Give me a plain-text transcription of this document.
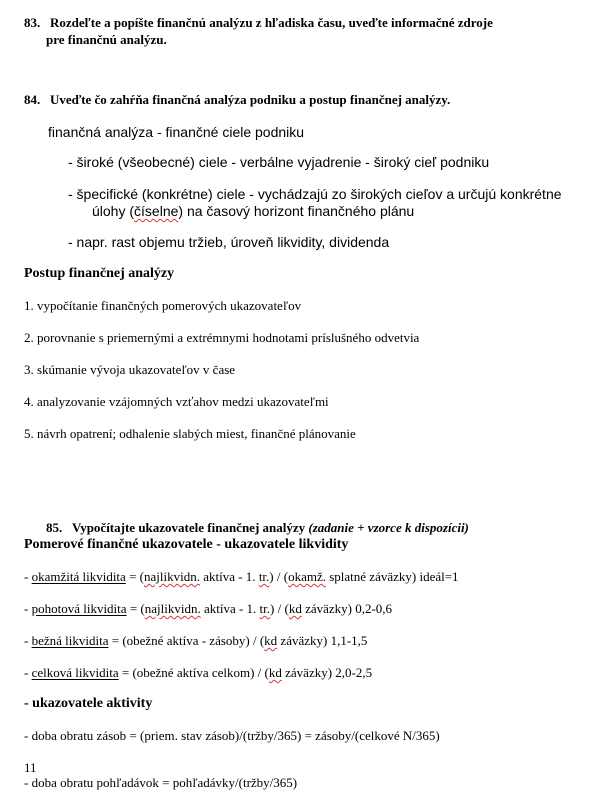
83. Rozdeľte a popíšte finančnú analýzu z hľadiska času, uveďte informačné zdroje
pre finančnú analýzu.
84. Uveďte čo zahŕňa finančná analýza podniku a postup finančnej analýzy.
finančná analýza - finančné ciele podniku
- široké (všeobecné) ciele - verbálne vyjadrenie - široký cieľ podniku
- špecifické (konkrétne) ciele - vychádzajú zo širokých cieľov a určujú konkrétne
úlohy (číselne) na časový horizont finančného plánu
- napr. rast objemu tržieb, úroveň likvidity, dividenda
Postup finančnej analýzy
1. vypočítanie finančných pomerových ukazovateľov
2. porovnanie s priemernými a extrémnymi hodnotami príslušného odvetvia
3. skúmanie vývoja ukazovateľov v čase
4. analyzovanie vzájomných vzťahov medzi ukazovateľmi
5. návrh opatrení; odhalenie slabých miest, finančné plánovanie
85. Vypočítajte ukazovatele finančnej analýzy (zadanie + vzorce k dispozícii)
Pomerové finančné ukazovatele - ukazovatele likvidity
- okamžitá likvidita = (najlikvidn. aktíva - 1. tr.) / (okamž. splatné záväzky) ideál=1
- pohotová likvidita = (najlikvidn. aktíva - 1. tr.) / (kd záväzky) 0,2-0,6
- bežná likvidita = (obežné aktíva - zásoby) / (kd záväzky) 1,1-1,5
- celková likvidita = (obežné aktíva celkom) / (kd záväzky) 2,0-2,5
- ukazovatele aktivity
- doba obratu zásob = (priem. stav zásob)/(tržby/365) = zásoby/(celkové N/365)
11
- doba obratu pohľadávok = pohľadávky/(tržby/365)
